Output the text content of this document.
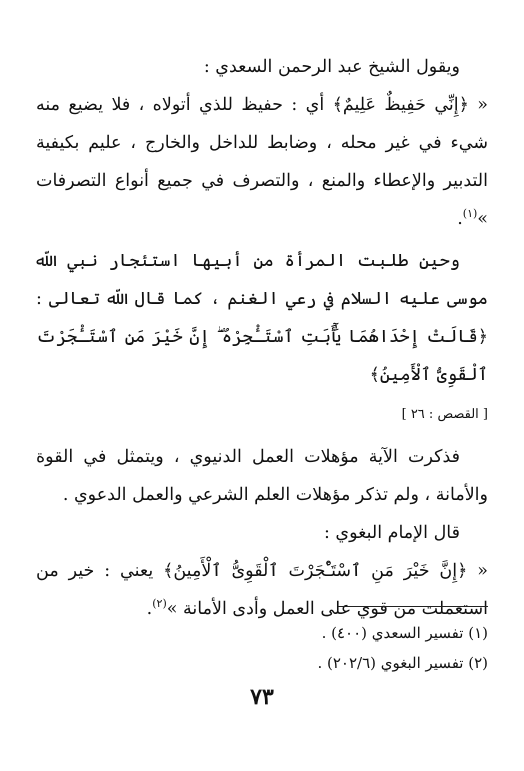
ويقول الشيخ عبد الرحمن السعدي :

« ﴿إِنِّي حَفِيظٌ عَلِيمٌ﴾ أي : حفيظ للذي أتولاه ، فلا يضيع منه شيء في غير محله ، وضابط للداخل والخارج ، عليم بكيفية التدبير والإعطاء والمنع ، والتصرف في جميع أنواع التصرفات »$^{(١)}$.

وحين طلبت المرأة من أبيها استئجار نبي اللّه موسى عليه السلام في رعي الغنم ، كما قال اللّه تعالى : ﴿قَالَتْ إِحْدَاهُمَا يَٰٓأَبَتِ ٱسْتَـْٔجِرْهُ ۖ إِنَّ خَيْرَ مَنِ ٱسْتَـْٔجَرْتَ ٱلْقَوِىُّ ٱلْأَمِينُ﴾
[ القصص : ٢٦ ]

فذكرت الآية مؤهلات العمل الدنيوي ، ويتمثل في القوة والأمانة ، ولم تذكر مؤهلات العلم الشرعي والعمل الدعوي .

قال الإمام البغوي :

« ﴿إِنَّ خَيْرَ مَنِ ٱسْتَـْٔجَرْتَ ٱلْقَوِىُّ ٱلْأَمِينُ﴾ يعني : خير من استعملت من قوي على العمل وأدى الأمانة »$^{(٢)}$.

(١) تفسير السعدي (٤٠٠) .

(٢) تفسير البغوي (٢٠٢/٦) .

٧٣
